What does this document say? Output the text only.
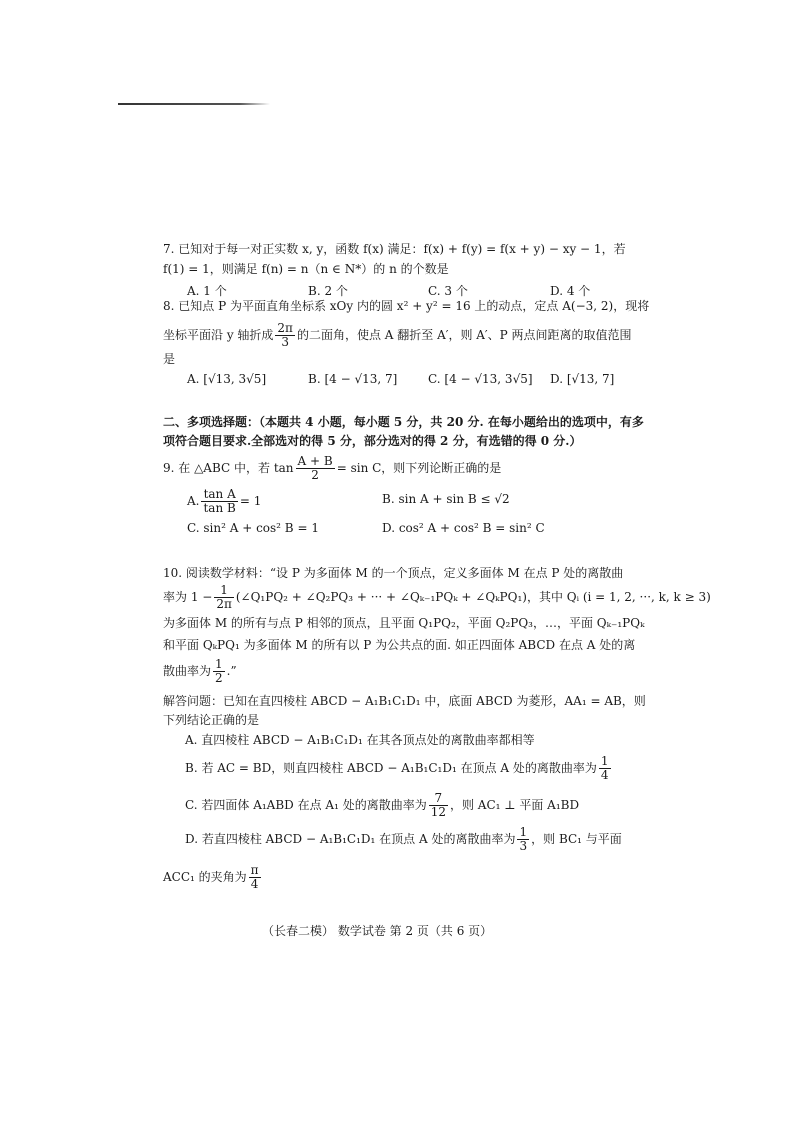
7. 已知对于每一对正实数 x, y，函数 f(x) 满足：f(x) + f(y) = f(x + y) − xy − 1，若
f(1) = 1，则满足 f(n) = n（n ∈ N*）的 n 的个数是
A. 1 个	B. 2 个	C. 3 个	D. 4 个
8. 已知点 P 为平面直角坐标系 xOy 内的圆 x² + y² = 16 上的动点，定点 A(−3, 2)，现将
坐标平面沿 y 轴折成 $\frac{2\pi}{3}$ 的二面角，使点 A 翻折至 A′，则 A′、P 两点间距离的取值范围
是
A. [√13, 3√5]	B. [4 − √13, 7]	C. [4 − √13, 3√5] D. [√13, 7]
二、多项选择题：（本题共 4 小题，每小题 5 分，共 20 分. 在每小题给出的选项中，有多
项符合题目要求.全部选对的得 5 分，部分选对的得 2 分，有选错的得 0 分.）
9. 在 △ABC 中，若 $\tan \frac{A + B}{2} = \sin C$，则下列论断正确的是
A. $\frac{\text{tan A}}{\text{tan B}} = 1$	B. sin A + sin B ≤ √2
C. sin² A + cos² B = 1	D. cos² A + cos² B = sin² C
10. 阅读数学材料：“设 P 为多面体 M 的一个顶点，定义多面体 M 在点 P 处的离散曲
率为 $1 - \frac{1}{2\pi}$ (∠Q₁PQ₂ + ∠Q₂PQ₃ + ··· + ∠Qₖ₋₁PQₖ + ∠QₖPQ₁)，其中 Qᵢ (i = 1, 2, ···, k, k ≥ 3)
为多面体 M 的所有与点 P 相邻的顶点，且平面 Q₁PQ₂，平面 Q₂PQ₃，…，平面 Qₖ₋₁PQₖ
和平面 QₖPQ₁ 为多面体 M 的所有以 P 为公共点的面. 如正四面体 ABCD 在点 A 处的离
散曲率为 $\frac{1}{2}$ .”
解答问题：已知在直四棱柱 ABCD − A₁B₁C₁D₁ 中，底面 ABCD 为菱形，AA₁ = AB，则
下列结论正确的是
A. 直四棱柱 ABCD − A₁B₁C₁D₁ 在其各顶点处的离散曲率都相等
B. 若 AC = BD，则直四棱柱 ABCD − A₁B₁C₁D₁ 在顶点 A 处的离散曲率为 $\frac{1}{4}$
C. 若四面体 A₁ABD 在点 A₁ 处的离散曲率为 $\frac{7}{12}$ ，则 AC₁ ⊥ 平面 A₁BD
D. 若直四棱柱 ABCD − A₁B₁C₁D₁ 在顶点 A 处的离散曲率为 $\frac{1}{3}$ ，则 BC₁ 与平面
ACC₁ 的夹角为 $\frac{\pi}{4}$
（长春二模） 数学试卷 第 2 页（共 6 页）
